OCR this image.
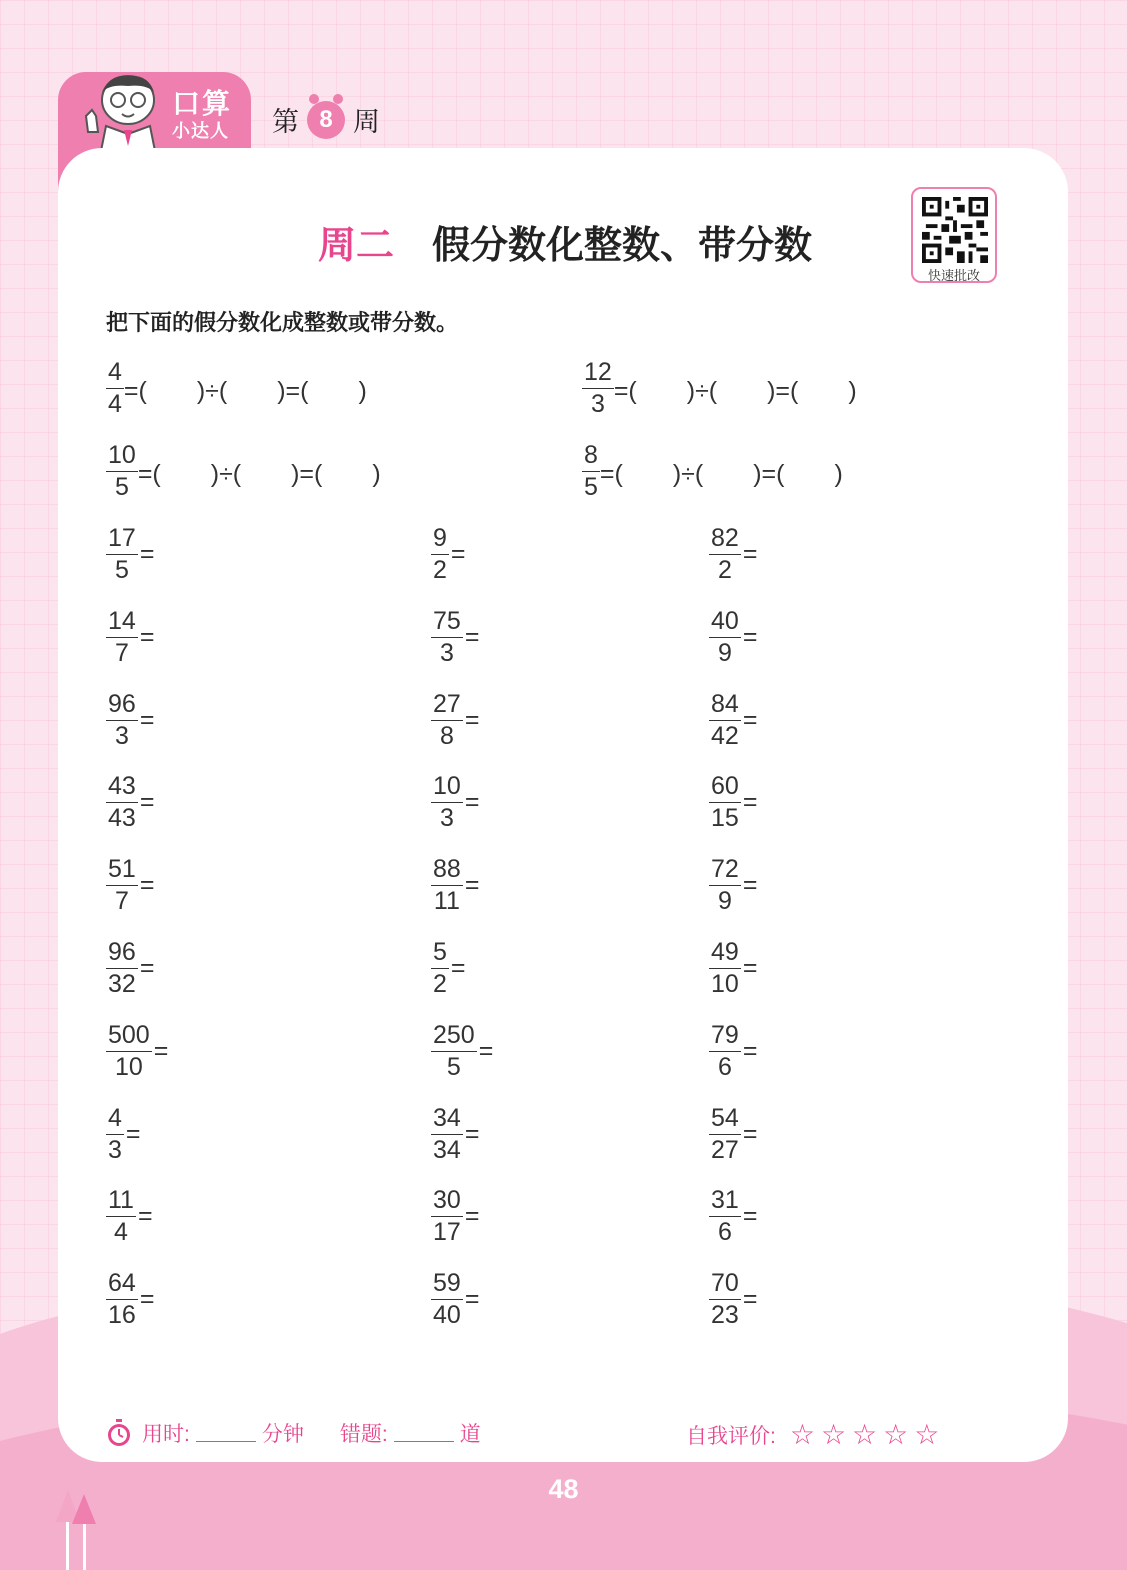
口算
小达人 第 8 周
周二 假分数化整数、带分数
快速批改
把下面的假分数化成整数或带分数。
$\frac{4}{4}$ =(　　)÷(　　)=(　　)	$\frac{12}{3}$ =(　　)÷(　　)=(　　)
$\frac{10}{5}$ =(　　)÷(　　)=(　　)	$\frac{8}{5}$ =(　　)÷(　　)=(　　)
$\frac{17}{5}$ =	$\frac{9}{2}$ =	$\frac{82}{2}$ =
$\frac{14}{7}$ =	$\frac{75}{3}$ =	$\frac{40}{9}$ =
$\frac{96}{3}$ =	$\frac{27}{8}$ =	$\frac{84}{42}$ =
$\frac{43}{43}$ =	$\frac{10}{3}$ =	$\frac{60}{15}$ =
$\frac{51}{7}$ =	$\frac{88}{11}$ =	$\frac{72}{9}$ =
$\frac{96}{32}$ =	$\frac{5}{2}$ =	$\frac{49}{10}$ =
$\frac{500}{10}$ =	$\frac{250}{5}$ =	$\frac{79}{6}$ =
$\frac{4}{3}$ =	$\frac{34}{34}$ =	$\frac{54}{27}$ =
$\frac{11}{4}$ =	$\frac{30}{17}$ =	$\frac{31}{6}$ =
$\frac{64}{16}$ =	$\frac{59}{40}$ =	$\frac{70}{23}$ =
用时:	分钟 错题:	道	自我评价: ☆☆☆☆☆
48
